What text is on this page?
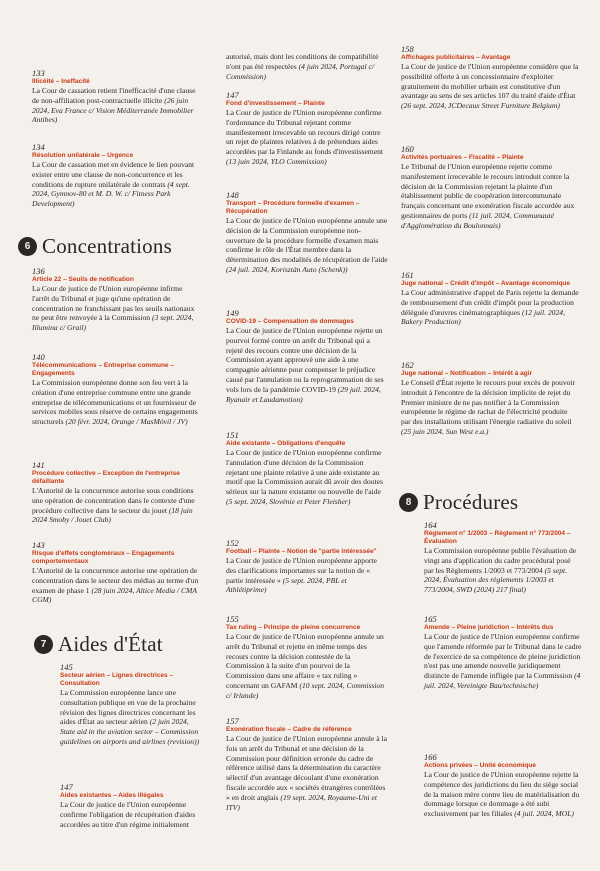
133
Illicéité – Ineffacité

La Cour de cassation retient l'inefficacité d'une clause de non-affiliation post-contractuelle illicite (26 juin 2024, Eva France c/ Vision Méditerranée Immobilier Antibes)

134
Résolution unilatérale – Urgence

La Cour de cassation met en évidence le lien pouvant exister entre une clause de non-concurrence et les conditions de rupture unilatérale de contrats (4 sept. 2024, Gymnov-80 et M. D. W. c/ Fitness Park Development)

6 Concentrations
136
Article 22 – Seuils de notification

La Cour de justice de l'Union européenne infirme l'arrêt du Tribunal et juge qu'une opération de concentration ne franchissant pas les seuils nationaux ne peut être renvoyée à la Commission (3 sept. 2024, Illumina c/ Grail)

140
Télécommunications – Entreprise commune – Engagements

La Commission européenne donne son feu vert à la création d'une entreprise commune entre une grande entreprise de télécommunications et un fournisseur de services mobiles sous réserve de certains engagements structurels (20 févr. 2024, Orange / MasMóvil / JV)

141
Procédure collective – Exception de l'entreprise défaillante

L'Autorité de la concurrence autorise sous conditions une opération de concentration dans le contexte d'une procédure collective dans le secteur du jouet (18 juin 2024 Smoby / Jouet Club)

143
Risque d'effets congloméraux – Engagements comportementaux

L'Autorité de la concurrence autorise une opération de concentration dans le secteur des médias au terme d'un examen de phase 1 (28 juin 2024, Altice Media / CMA CGM)

7 Aides d'État
145
Secteur aérien – Lignes directrices – Consultation

La Commission européenne lance une consultation publique en vue de la prochaine révision des lignes directrices concernant les aides d'État au secteur aérien (2 juin 2024, State aid in the aviation sector – Commission guidelines on airports and airlines (revision))

147
Aides existantes – Aides illégales

La Cour de justice de l'Union européenne confirme l'obligation de récupération d'aides accordées au titre d'un régime initialement

autorisé, mais dont les conditions de compatibilité n'ont pas été respectées (4 juin 2024, Portugal c/ Commission)

147
Fond d'investissement – Plainte

La Cour de justice de l'Union européenne confirme l'ordonnance du Tribunal rejetant comme manifestement irrecevable un recours dirigé contre un rejet de plaintes relatives à de prétendues aides accordées par la Finlande au fonds d'investissement (13 juin 2024, YLO Commission)

148
Transport – Procédure formelle d'examen – Récupération

La Cour de justice de l'Union européenne annule une décision de la Commission européenne non-ouverture de la procédure formelle d'examen mais confirme le rôle de l'État membre dans la détermination des modalités de récupération de l'aide (24 juil. 2024, Korisztán Auto (Schenk))

149
COVID-19 – Compensation de dommages

La Cour de justice de l'Union européenne rejette un pourvoi formé contre un arrêt du Tribunal qui a rejeté des recours contre une décision de la Commission ayant approuvé une aide à une compagnie aérienne pour compenser le préjudice causé par l'annulation ou la reprogrammation de ses vols lors de la pandémie COVID-19 (29 juil. 2024, Ryanair et Laudamotion)

151
Aide existante – Obligations d'enquête

La Cour de justice de l'Union européenne confirme l'annulation d'une décision de la Commission rejetant une plainte relative à une aide existante au motif que la Commission aurait dû avoir des doutes sérieux sur la nature existante ou nouvelle de l'aide (5 sept. 2024, Slovénie et Peter Fleisher)

152
Football – Plainte – Notion de "partie intéressée"

La Cour de justice de l'Union européenne apporte des clarifications importantes sur la notion de « partie intéressée » (5 sept. 2024, PBL et Athlétiprime)

155
Tax ruling – Principe de pleine concurrence

La Cour de justice de l'Union européenne annule un arrêt du Tribunal et rejette en même temps des recours contre la décision contestée de la Commission à la suite d'un pourvoi de la Commission dans une affaire « tax ruling » concernant un GAFAM (10 sept. 2024, Commission c/ Irlande)

157
Exonération fiscale – Cadre de référence

La Cour de justice de l'Union européenne annule à la fois un arrêt du Tribunal et une décision de la Commission pour définition erronée du cadre de référence utilisé dans la détermination du caractère sélectif d'un avantage découlant d'une exonération fiscale accordée aux « sociétés étrangères contrôlées » en droit anglais (19 sept. 2024, Royaume-Uni et ITV)

158
Affichages publicitaires – Avantage

La Cour de justice de l'Union européenne considère que la possibilité offerte à un concessionnaire d'exploiter gratuitement du mobilier urbain est constitutive d'un avantage au sens de ses articles 107 du traité d'aide d'État (26 sept. 2024, JCDecaux Street Furniture Belgium)

160
Activités portuaires – Fiscalité – Plainte

Le Tribunal de l'Union européenne rejette comme manifestement irrecevable le recours introduit contre la décision de la Commission rejetant la plainte d'un établissement public de coopération intercommunale français concernant une exonération fiscale accordée aux gestionnaires de ports (11 juil. 2024, Communauté d'Agglomération du Boulonnais)

161
Juge national – Crédit d'impôt – Avantage économique

La Cour administrative d'appel de Paris rejette la demande de remboursement d'un crédit d'impôt pour la production déléguée d'œuvres cinématographiques (12 juil. 2024, Bakery Production)

162
Juge national – Notification – Intérêt à agir

Le Conseil d'État rejette le recours pour excès de pouvoir introduit à l'encontre de la décision implicite de rejet du Premier ministre de ne pas notifier à la Commission européenne le régime de rachat de l'électricité produite par des installations utilisant l'énergie radiative du soleil (25 juin 2024, Sun West e.a.)

8 Procédures
164
Règlement n° 1/2003 – Règlement n° 773/2004 – Évaluation

La Commission européenne publie l'évaluation de vingt ans d'application du cadre procédural posé par les Règlements 1/2003 et 773/2004 (5 sept. 2024, Évaluation des règlements 1/2003 et 773/2004, SWD (2024) 217 final)

165
Amende – Pleine juridiction – Intérêts dus

La Cour de justice de l'Union européenne confirme que l'amende réformée par le Tribunal dans le cadre de l'exercice de sa compétence de pleine juridiction n'est pas une amende nouvelle juridiquement distincte de l'amende infligée par la Commission (4 juil. 2024, Vereinigte Bau/technische)

166
Actions privées – Unité économique

La Cour de justice de l'Union européenne rejette la compétence des juridictions du lieu du siège social de la maison mère contre lieu de matérialisation du dommage lorsque ce dommage a été subi exclusivement par les filiales (4 juil. 2024, MOL)
